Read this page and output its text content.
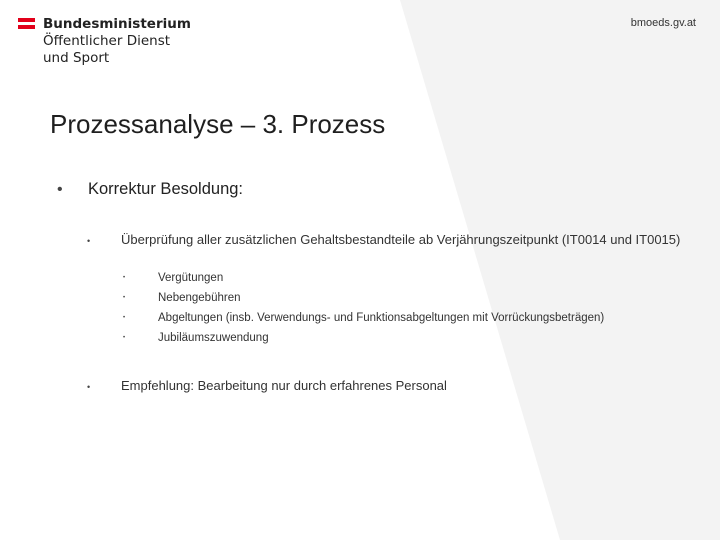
Bundesministerium
Öffentlicher Dienst
und Sport
bmoeds.gv.at
Prozessanalyse – 3. Prozess
• Korrektur Besoldung:
• Überprüfung aller zusätzlichen Gehaltsbestandteile ab Verjährungszeitpunkt (IT0014 und IT0015)
•	Vergütungen
•	Nebengebühren
•	Abgeltungen (insb. Verwendungs- und Funktionsabgeltungen mit Vorrückungsbeträgen)
•	Jubiläumszuwendung
• Empfehlung: Bearbeitung nur durch erfahrenes Personal
